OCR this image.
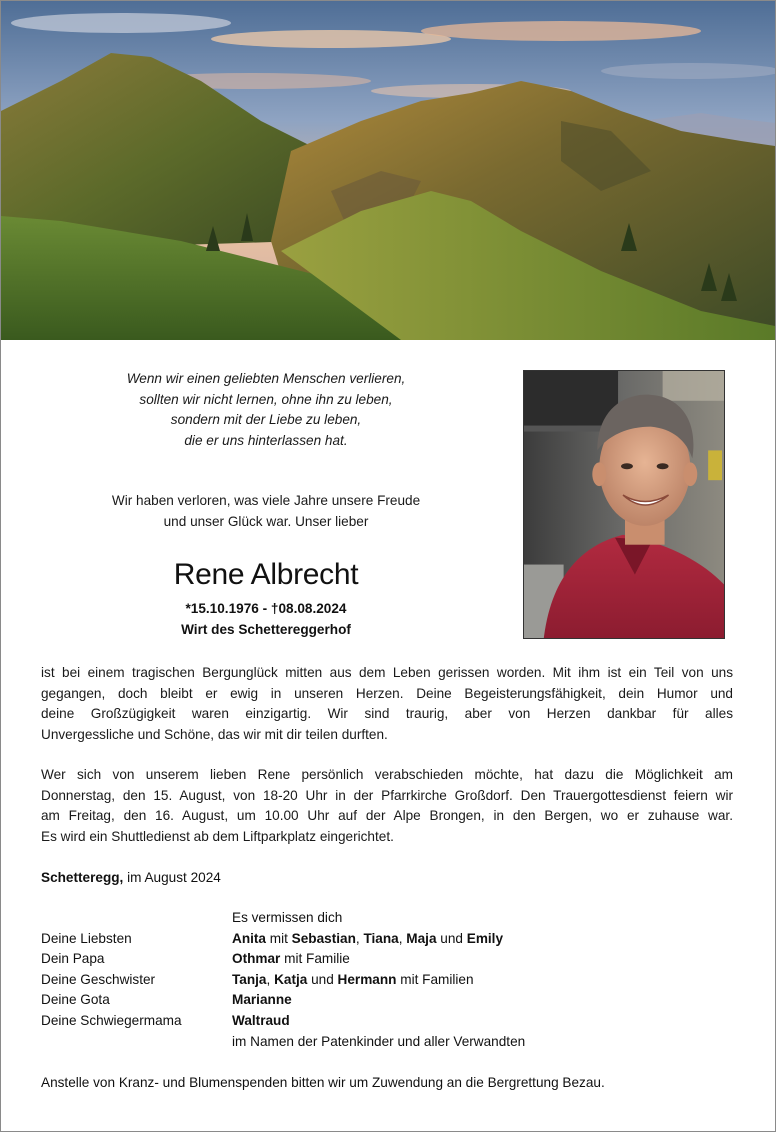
Wenn wir einen geliebten Menschen verlieren,
sollten wir nicht lernen, ohne ihn zu leben,
sondern mit der Liebe zu leben,
die er uns hinterlassen hat.
Wir haben verloren, was viele Jahre unsere Freude
und unser Glück war. Unser lieber
Rene Albrecht
*15.10.1976 - †08.08.2024
Wirt des Schettereggerhof
ist bei einem tragischen Bergunglück mitten aus dem Leben gerissen worden. Mit ihm ist ein Teil von uns
gegangen, doch bleibt er ewig in unseren Herzen. Deine Begeisterungsfähigkeit, dein Humor und
deine Großzügigkeit waren einzigartig. Wir sind traurig, aber von Herzen dankbar für alles
Unvergessliche und Schöne, das wir mit dir teilen durften.
Wer sich von unserem lieben Rene persönlich verabschieden möchte, hat dazu die Möglichkeit am
Donnerstag, den 15. August, von 18-20 Uhr in der Pfarrkirche Großdorf. Den Trauergottesdienst feiern wir
am Freitag, den 16. August, um 10.00 Uhr auf der Alpe Brongen, in den Bergen, wo er zuhause war.
Es wird ein Shuttledienst ab dem Liftparkplatz eingerichtet.
Schetteregg, im August 2024
Es vermissen dich
Deine Liebsten	Anita mit Sebastian, Tiana, Maja und Emily
Dein Papa	Othmar mit Familie
Deine Geschwister	Tanja, Katja und Hermann mit Familien
Deine Gota	Marianne
Deine Schwiegermama	Waltraud
im Namen der Patenkinder und aller Verwandten
Anstelle von Kranz- und Blumenspenden bitten wir um Zuwendung an die Bergrettung Bezau.
